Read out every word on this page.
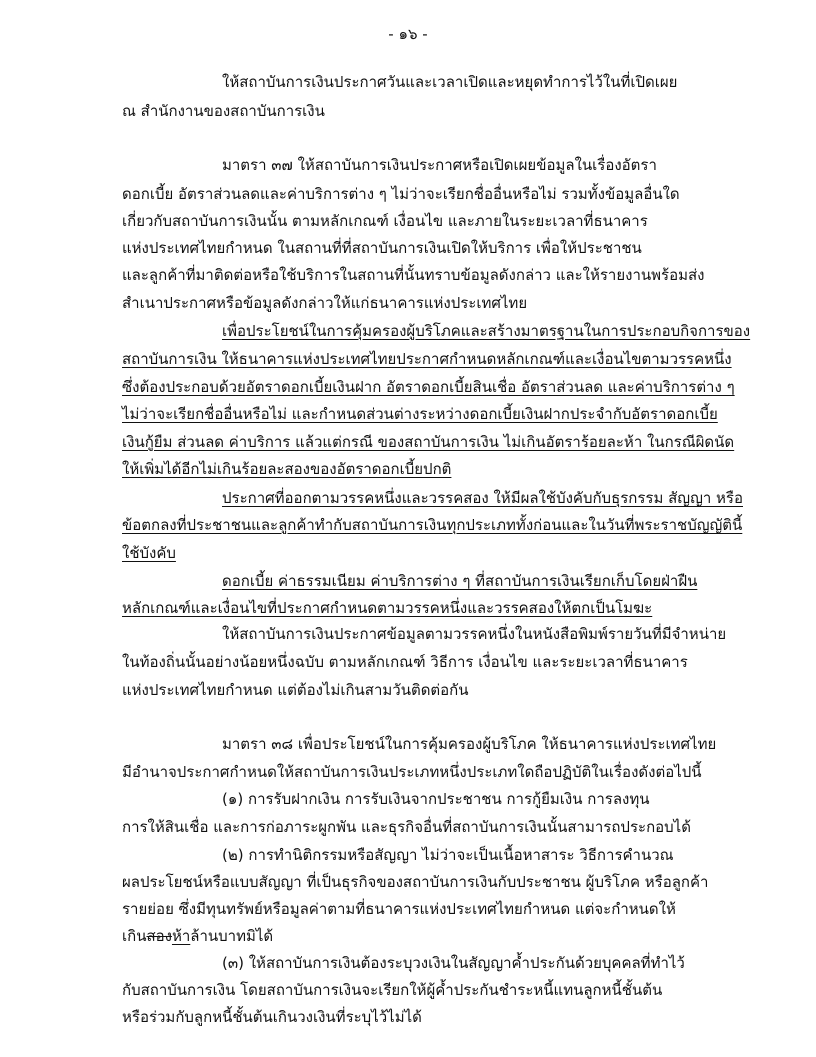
- ๑๖ -
ให้สถาบันการเงินประกาศวันและเวลาเปิดและหยุดทำการไว้ในที่เปิดเผย
ณ สำนักงานของสถาบันการเงิน
มาตรา ๓๗ ให้สถาบันการเงินประกาศหรือเปิดเผยข้อมูลในเรื่องอัตรา
ดอกเบี้ย อัตราส่วนลดและค่าบริการต่าง ๆ ไม่ว่าจะเรียกชื่ออื่นหรือไม่ รวมทั้งข้อมูลอื่นใด
เกี่ยวกับสถาบันการเงินนั้น ตามหลักเกณฑ์ เงื่อนไข และภายในระยะเวลาที่ธนาคาร
แห่งประเทศไทยกำหนด ในสถานที่ที่สถาบันการเงินเปิดให้บริการ เพื่อให้ประชาชน
และลูกค้าที่มาติดต่อหรือใช้บริการในสถานที่นั้นทราบข้อมูลดังกล่าว และให้รายงานพร้อมส่ง
สำเนาประกาศหรือข้อมูลดังกล่าวให้แก่ธนาคารแห่งประเทศไทย
เพื่อประโยชน์ในการคุ้มครองผู้บริโภคและสร้างมาตรฐานในการประกอบกิจการของ
สถาบันการเงิน ให้ธนาคารแห่งประเทศไทยประกาศกำหนดหลักเกณฑ์และเงื่อนไขตามวรรคหนึ่ง
ซึ่งต้องประกอบด้วยอัตราดอกเบี้ยเงินฝาก อัตราดอกเบี้ยสินเชื่อ อัตราส่วนลด และค่าบริการต่าง ๆ
ไม่ว่าจะเรียกชื่ออื่นหรือไม่ และกำหนดส่วนต่างระหว่างดอกเบี้ยเงินฝากประจำกับอัตราดอกเบี้ย
เงินกู้ยืม ส่วนลด ค่าบริการ แล้วแต่กรณี ของสถาบันการเงิน ไม่เกินอัตราร้อยละห้า ในกรณีผิดนัด
ให้เพิ่มได้อีกไม่เกินร้อยละสองของอัตราดอกเบี้ยปกติ
ประกาศที่ออกตามวรรคหนึ่งและวรรคสอง ให้มีผลใช้บังคับกับธุรกรรม สัญญา หรือ
ข้อตกลงที่ประชาชนและลูกค้าทำกับสถาบันการเงินทุกประเภททั้งก่อนและในวันที่พระราชบัญญัตินี้
ใช้บังคับ
ดอกเบี้ย ค่าธรรมเนียม ค่าบริการต่าง ๆ ที่สถาบันการเงินเรียกเก็บโดยฝ่าฝืน
หลักเกณฑ์และเงื่อนไขที่ประกาศกำหนดตามวรรคหนึ่งและวรรคสองให้ตกเป็นโมฆะ
ให้สถาบันการเงินประกาศข้อมูลตามวรรคหนึ่งในหนังสือพิมพ์รายวันที่มีจำหน่าย
ในท้องถิ่นนั้นอย่างน้อยหนึ่งฉบับ ตามหลักเกณฑ์ วิธีการ เงื่อนไข และระยะเวลาที่ธนาคาร
แห่งประเทศไทยกำหนด แต่ต้องไม่เกินสามวันติดต่อกัน
มาตรา ๓๘ เพื่อประโยชน์ในการคุ้มครองผู้บริโภค ให้ธนาคารแห่งประเทศไทย
มีอำนาจประกาศกำหนดให้สถาบันการเงินประเภทหนึ่งประเภทใดถือปฏิบัติในเรื่องดังต่อไปนี้
(๑) การรับฝากเงิน การรับเงินจากประชาชน การกู้ยืมเงิน การลงทุน
การให้สินเชื่อ และการก่อภาระผูกพัน และธุรกิจอื่นที่สถาบันการเงินนั้นสามารถประกอบได้
(๒) การทำนิติกรรมหรือสัญญา ไม่ว่าจะเป็นเนื้อหาสาระ วิธีการคำนวณ
ผลประโยชน์หรือแบบสัญญา ที่เป็นธุรกิจของสถาบันการเงินกับประชาชน ผู้บริโภค หรือลูกค้า
รายย่อย ซึ่งมีทุนทรัพย์หรือมูลค่าตามที่ธนาคารแห่งประเทศไทยกำหนด แต่จะกำหนดให้
เกินสองห้าล้านบาทมิได้
(๓) ให้สถาบันการเงินต้องระบุวงเงินในสัญญาค้ำประกันด้วยบุคคลที่ทำไว้
กับสถาบันการเงิน โดยสถาบันการเงินจะเรียกให้ผู้ค้ำประกันชำระหนี้แทนลูกหนี้ชั้นต้น
หรือร่วมกับลูกหนี้ชั้นต้นเกินวงเงินที่ระบุไว้ไม่ได้
